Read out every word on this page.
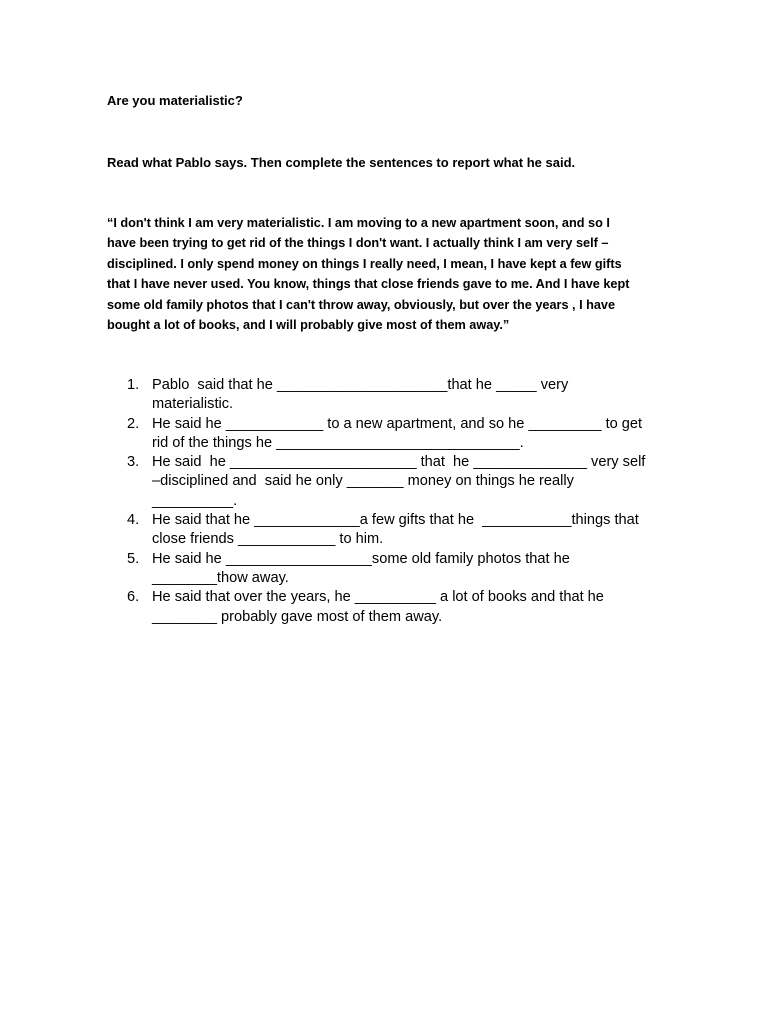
Are you materialistic?
Read what Pablo says. Then complete the sentences to report what he said.
“I don't think I am very materialistic. I am moving to a new apartment soon, and so I
have been trying to get rid of the things I don't want. I actually think I am very self –
disciplined. I only spend money on things I really need, I mean, I have kept a few gifts
that I have never used. You know, things that close friends gave to me. And I have kept
some old family photos that I can't throw away, obviously, but over the years , I have
bought a lot of books, and I will probably give most of them away.”
1. Pablo  said that he _____________________that he _____ very
materialistic.
2. He said he ____________ to a new apartment, and so he _________ to get
rid of the things he ______________________________.
3. He said  he _______________________ that  he ______________ very self
–disciplined and  said he only _______ money on things he really
__________.
4. He said that he _____________a few gifts that he  ___________things that
close friends ____________ to him.
5. He said he __________________some old family photos that he
________thow away.
6. He said that over the years, he __________ a lot of books and that he
________ probably gave most of them away.
